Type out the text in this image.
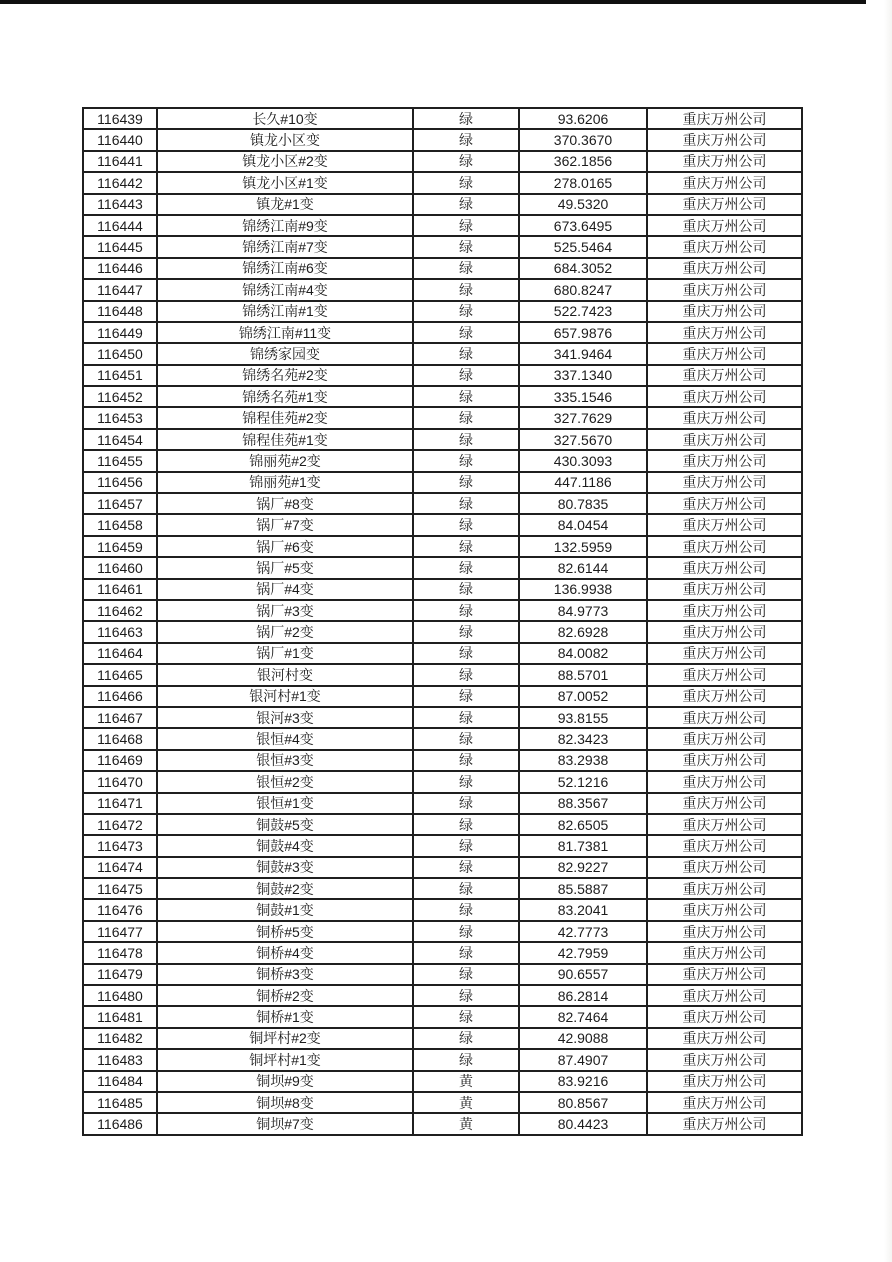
116439	长久#10变	绿	93.6206	重庆万州公司
116440	镇龙小区变	绿	370.3670	重庆万州公司
116441	镇龙小区#2变	绿	362.1856	重庆万州公司
116442	镇龙小区#1变	绿	278.0165	重庆万州公司
116443	镇龙#1变	绿	49.5320	重庆万州公司
116444	锦绣江南#9变	绿	673.6495	重庆万州公司
116445	锦绣江南#7变	绿	525.5464	重庆万州公司
116446	锦绣江南#6变	绿	684.3052	重庆万州公司
116447	锦绣江南#4变	绿	680.8247	重庆万州公司
116448	锦绣江南#1变	绿	522.7423	重庆万州公司
116449	锦绣江南#11变	绿	657.9876	重庆万州公司
116450	锦绣家园变	绿	341.9464	重庆万州公司
116451	锦绣名苑#2变	绿	337.1340	重庆万州公司
116452	锦绣名苑#1变	绿	335.1546	重庆万州公司
116453	锦程佳苑#2变	绿	327.7629	重庆万州公司
116454	锦程佳苑#1变	绿	327.5670	重庆万州公司
116455	锦丽苑#2变	绿	430.3093	重庆万州公司
116456	锦丽苑#1变	绿	447.1186	重庆万州公司
116457	锅厂#8变	绿	80.7835	重庆万州公司
116458	锅厂#7变	绿	84.0454	重庆万州公司
116459	锅厂#6变	绿	132.5959	重庆万州公司
116460	锅厂#5变	绿	82.6144	重庆万州公司
116461	锅厂#4变	绿	136.9938	重庆万州公司
116462	锅厂#3变	绿	84.9773	重庆万州公司
116463	锅厂#2变	绿	82.6928	重庆万州公司
116464	锅厂#1变	绿	84.0082	重庆万州公司
116465	银河村变	绿	88.5701	重庆万州公司
116466	银河村#1变	绿	87.0052	重庆万州公司
116467	银河#3变	绿	93.8155	重庆万州公司
116468	银恒#4变	绿	82.3423	重庆万州公司
116469	银恒#3变	绿	83.2938	重庆万州公司
116470	银恒#2变	绿	52.1216	重庆万州公司
116471	银恒#1变	绿	88.3567	重庆万州公司
116472	铜鼓#5变	绿	82.6505	重庆万州公司
116473	铜鼓#4变	绿	81.7381	重庆万州公司
116474	铜鼓#3变	绿	82.9227	重庆万州公司
116475	铜鼓#2变	绿	85.5887	重庆万州公司
116476	铜鼓#1变	绿	83.2041	重庆万州公司
116477	铜桥#5变	绿	42.7773	重庆万州公司
116478	铜桥#4变	绿	42.7959	重庆万州公司
116479	铜桥#3变	绿	90.6557	重庆万州公司
116480	铜桥#2变	绿	86.2814	重庆万州公司
116481	铜桥#1变	绿	82.7464	重庆万州公司
116482	铜坪村#2变	绿	42.9088	重庆万州公司
116483	铜坪村#1变	绿	87.4907	重庆万州公司
116484	铜坝#9变	黄	83.9216	重庆万州公司
116485	铜坝#8变	黄	80.8567	重庆万州公司
116486	铜坝#7变	黄	80.4423	重庆万州公司
